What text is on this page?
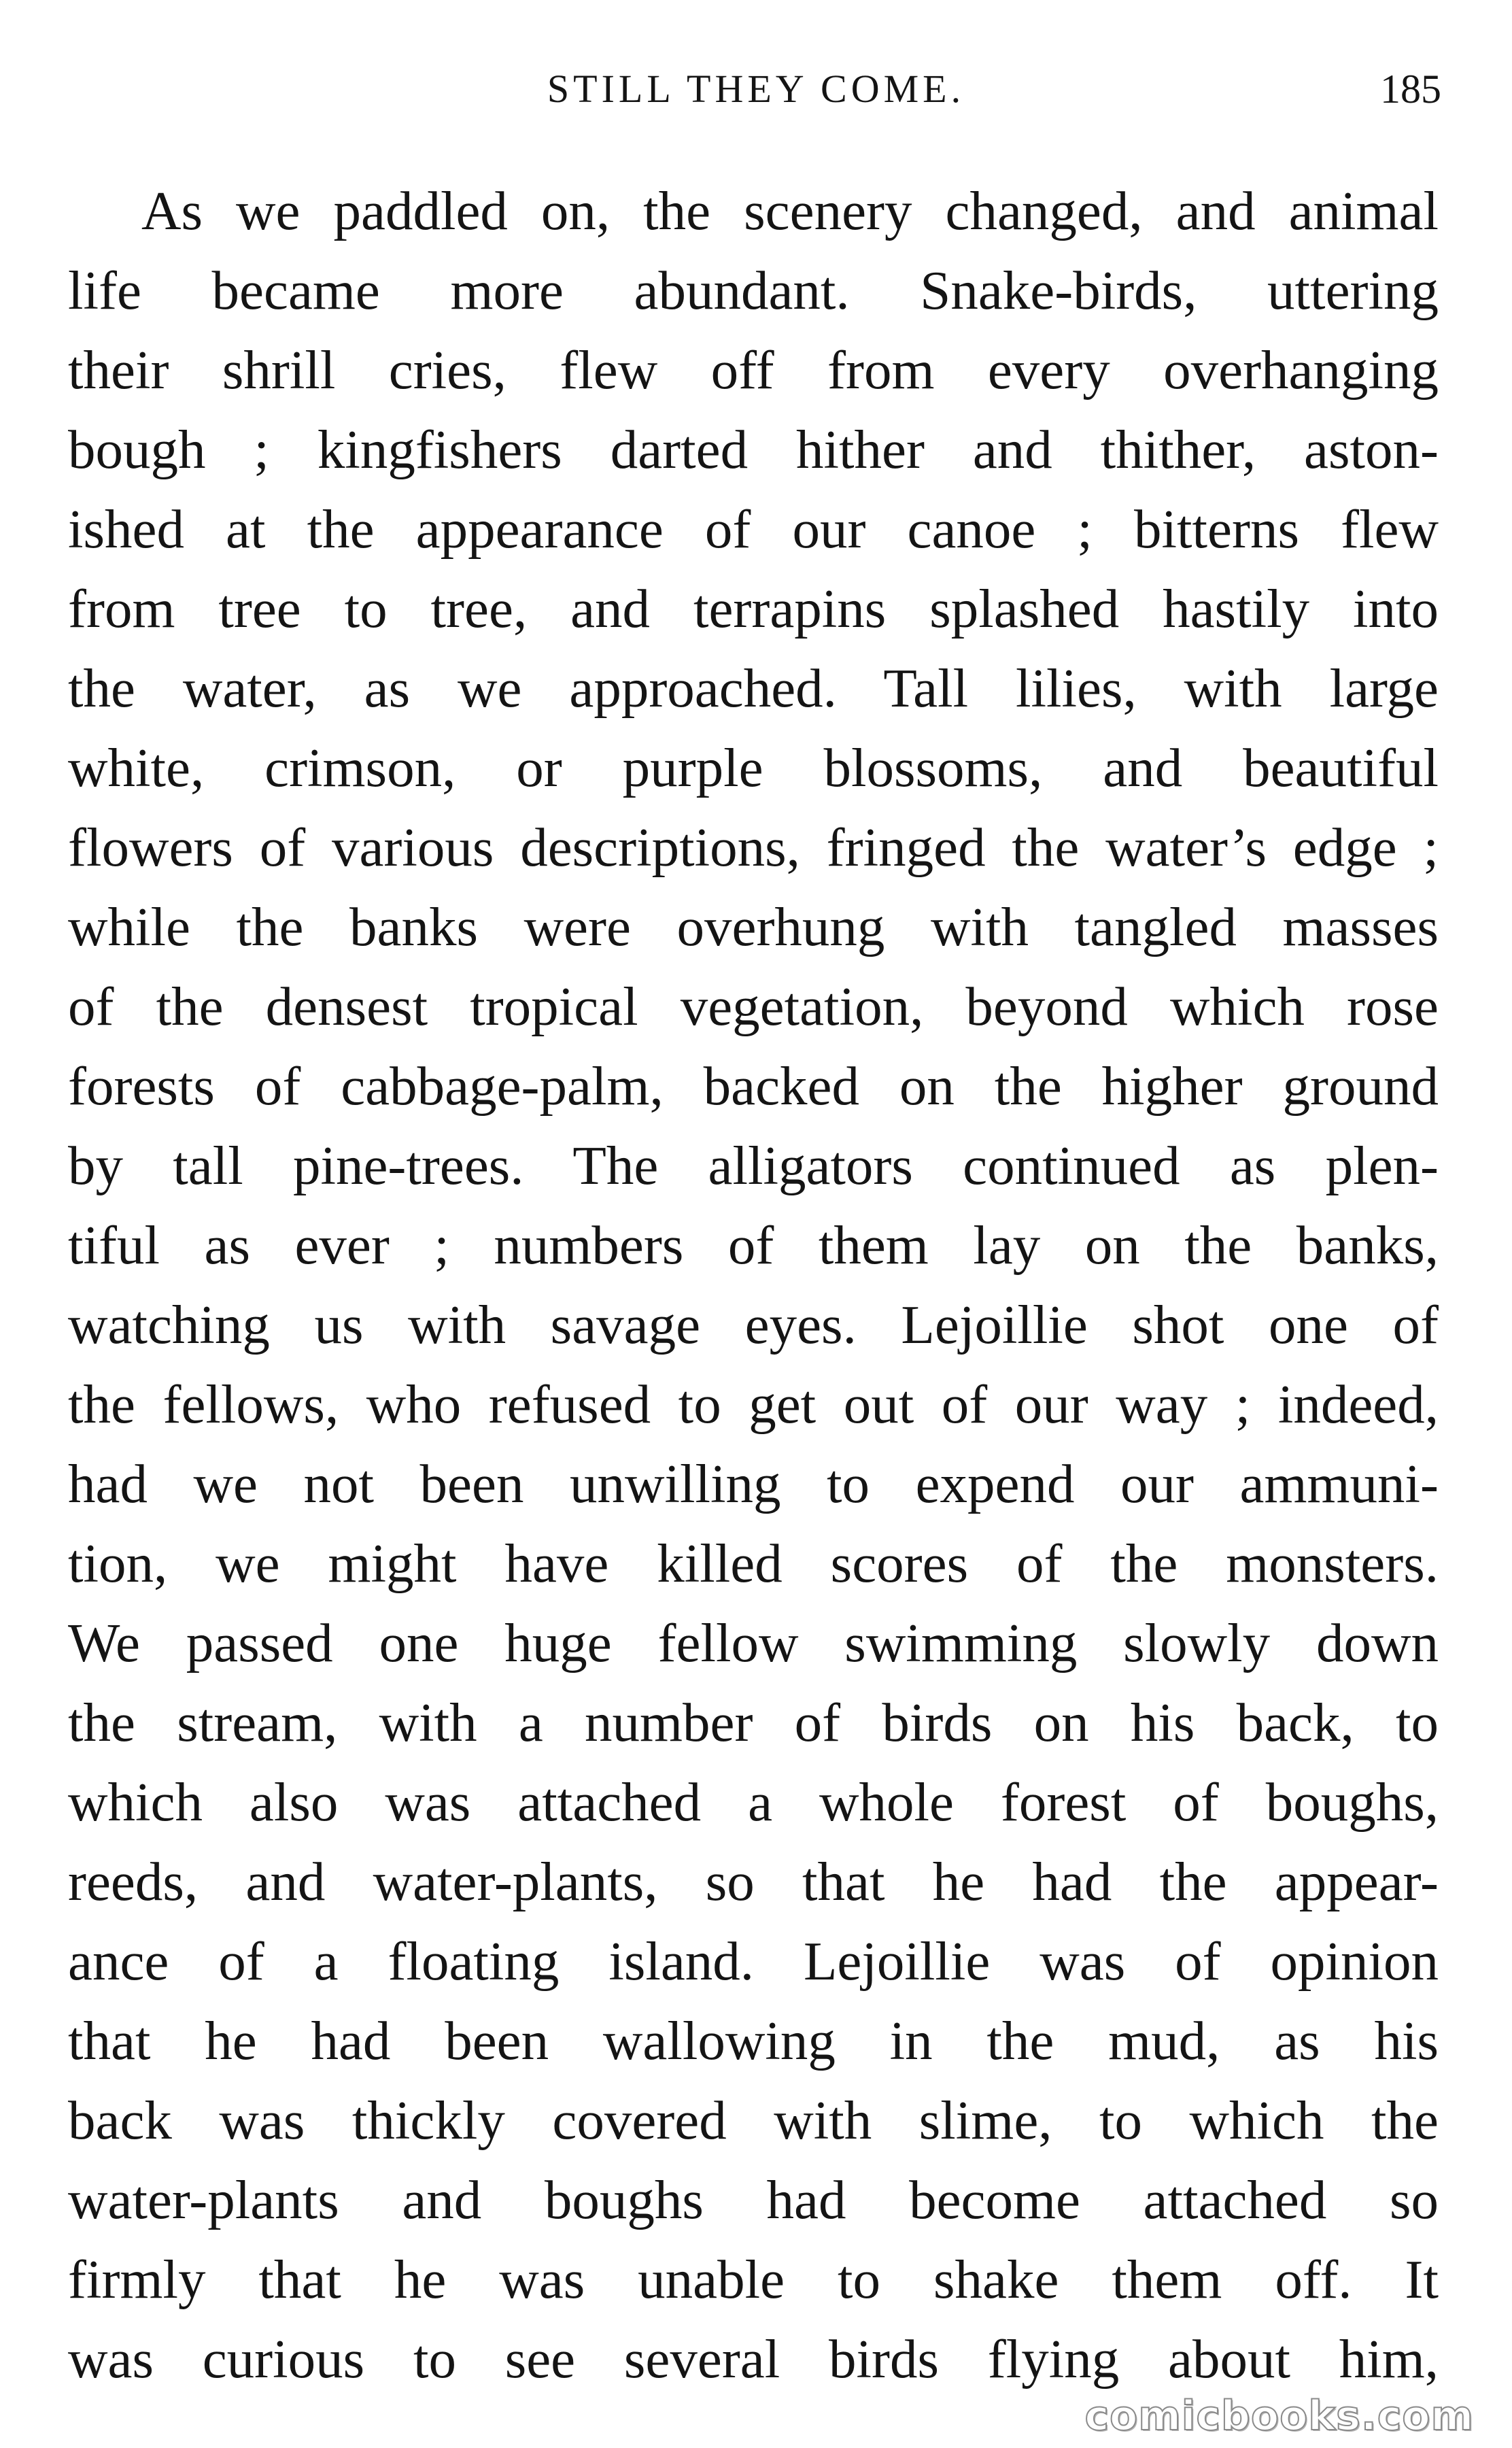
STILL THEY COME.	185
As we paddled on, the scenery changed, and animal
life became more abundant. Snake-birds, uttering
their shrill cries, flew off from every overhanging
bough ; kingfishers darted hither and thither, aston-
ished at the appearance of our canoe ; bitterns flew
from tree to tree, and terrapins splashed hastily into
the water, as we approached. Tall lilies, with large
white, crimson, or purple blossoms, and beautiful
flowers of various descriptions, fringed the water’s edge ;
while the banks were overhung with tangled masses
of the densest tropical vegetation, beyond which rose
forests of cabbage-palm, backed on the higher ground
by tall pine-trees. The alligators continued as plen-
tiful as ever ; numbers of them lay on the banks,
watching us with savage eyes. Lejoillie shot one of
the fellows, who refused to get out of our way ; indeed,
had we not been unwilling to expend our ammuni-
tion, we might have killed scores of the monsters.
We passed one huge fellow swimming slowly down
the stream, with a number of birds on his back, to
which also was attached a whole forest of boughs,
reeds, and water-plants, so that he had the appear-
ance of a floating island. Lejoillie was of opinion
that he had been wallowing in the mud, as his
back was thickly covered with slime, to which the
water-plants and boughs had become attached so
firmly that he was unable to shake them off. It
was curious to see several birds flying about him,
comicbooks.com
